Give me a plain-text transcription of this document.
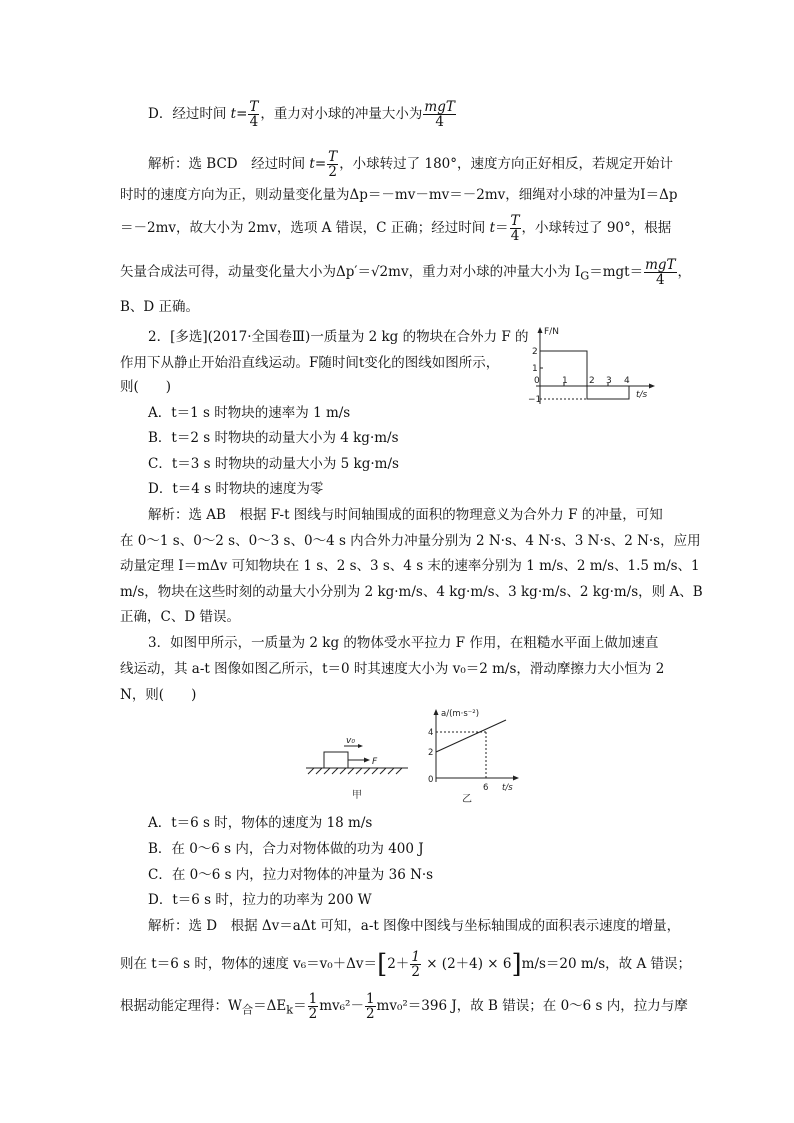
D．经过时间 $t= \frac{T}{4}$ ，重力对小球的冲量大小为 $\frac{\text{mgT}}{4}$
解析：选 BCD　经过时间 $t= \frac{T}{2}$ ，小球转过了 180°，速度方向正好相反，若规定开始计
时时的速度方向为正，则动量变化量为Δp＝－mv－mv＝－2mv，细绳对小球的冲量为I＝Δp
＝－2mv，故大小为 2mv，选项 A 错误，C 正确；经过时间 $t= \frac{T}{4}$ ，小球转过了 90°，根据
矢量合成法可得，动量变化量大小为Δp′＝√2mv，重力对小球的冲量大小为 $I_G=mgt= \frac{\text{mgT}}{4}$ ，
B、D 正确。
2．[多选](2017·全国卷Ⅲ)一质量为 2 kg 的物块在合外力 F 的
作用下从静止开始沿直线运动。F随时间t变化的图线如图所示，
则(　　)
A．t＝1 s 时物块的速率为 1 m/s
B．t＝2 s 时物块的动量大小为 4 kg·m/s
C．t＝3 s 时物块的动量大小为 5 kg·m/s
D．t＝4 s 时物块的速度为零
F/N
t/s
2
1
−1
0 1 2 3 4
解析：选 AB　根据 F-t 图线与时间轴围成的面积的物理意义为合外力 F 的冲量，可知
在 0～1 s、0～2 s、0～3 s、0～4 s 内合外力冲量分别为 2 N·s、4 N·s、3 N·s、2 N·s，应用
动量定理 I＝mΔv 可知物块在 1 s、2 s、3 s、4 s 末的速率分别为 1 m/s、2 m/s、1.5 m/s、1
m/s，物块在这些时刻的动量大小分别为 2 kg·m/s、4 kg·m/s、3 kg·m/s、2 kg·m/s，则 A、B
正确，C、D 错误。
3．如图甲所示，一质量为 2 kg 的物体受水平拉力 F 作用，在粗糙水平面上做加速直
线运动，其 a-t 图像如图乙所示，t＝0 时其速度大小为 v₀＝2 m/s，滑动摩擦力大小恒为 2
N，则(　　)
v₀
F
甲
a/(m·s⁻²)
t/s
4
2
0
6
乙
A．t＝6 s 时，物体的速度为 18 m/s
B．在 0～6 s 内，合力对物体做的功为 400 J
C．在 0～6 s 内，拉力对物体的冲量为 36 N·s
D．t＝6 s 时，拉力的功率为 200 W
解析：选 D　根据 Δv＝aΔt 可知，a-t 图像中图线与坐标轴围成的面积表示速度的增量，
则在 t＝6 s 时，物体的速度 $v_6=v_0+\Delta v=[2+ \frac{1}{2} \times (2+4) \times 6]m/s=20$ m/s，故 A 错误；
根据动能定理得：$W_合=\Delta E_k= \frac{1}{2} mv_6^2- \frac{1}{2} mv_0^2=396$ J，故 B 错误；在 0～6 s 内，拉力与摩
